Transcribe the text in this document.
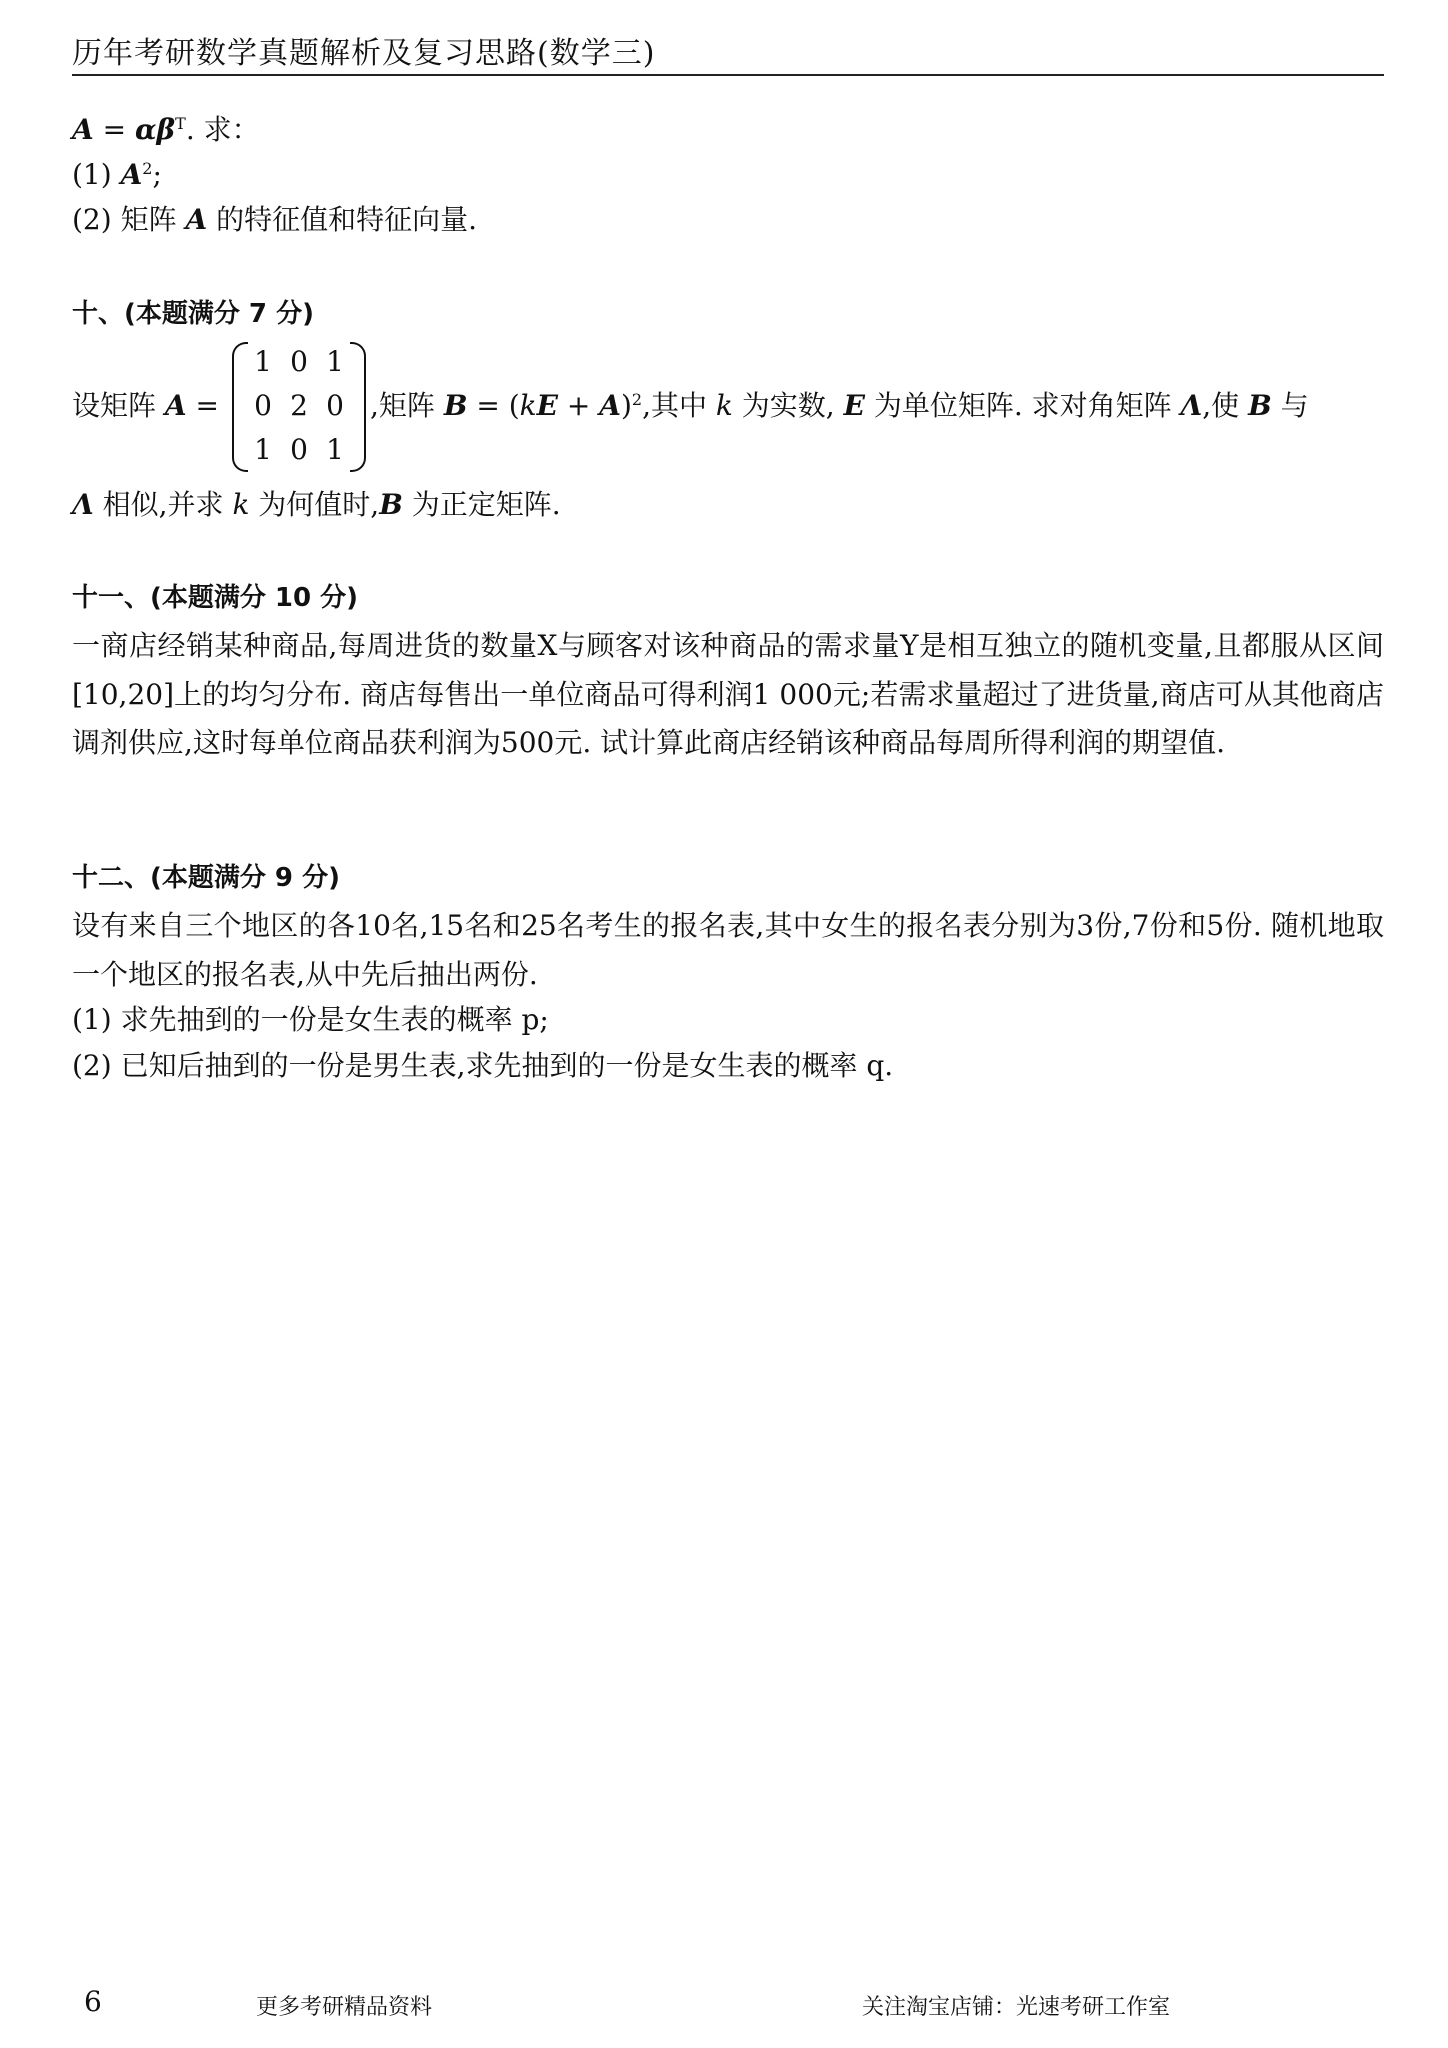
历年考研数学真题解析及复习思路(数学三)
$A = \alpha\beta^T$. 求：
(1) $A^2$;
(2) 矩阵 A 的特征值和特征向量.
十、(本题满分 7 分)
设矩阵 A =
1 0 1
0 2 0
1 0 1
,矩阵 B = (kE + A)$^2$,其中 k 为实数, E 为单位矩阵. 求对角矩阵 Λ,使 B 与
Λ 相似,并求 k 为何值时,B 为正定矩阵.
十一、(本题满分 10 分)
一商店经销某种商品,每周进货的数量X与顾客对该种商品的需求量Y是相互独立的随机变量,且都服从区间[10,20]上的均匀分布. 商店每售出一单位商品可得利润1 000元;若需求量超过了进货量,商店可从其他商店调剂供应,这时每单位商品获利润为500元. 试计算此商店经销该种商品每周所得利润的期望值.
十二、(本题满分 9 分)
设有来自三个地区的各10名,15名和25名考生的报名表,其中女生的报名表分别为3份,7份和5份. 随机地取一个地区的报名表,从中先后抽出两份.
(1) 求先抽到的一份是女生表的概率 p;
(2) 已知后抽到的一份是男生表,求先抽到的一份是女生表的概率 q.
6	更多考研精品资料	关注淘宝店铺：光速考研工作室
